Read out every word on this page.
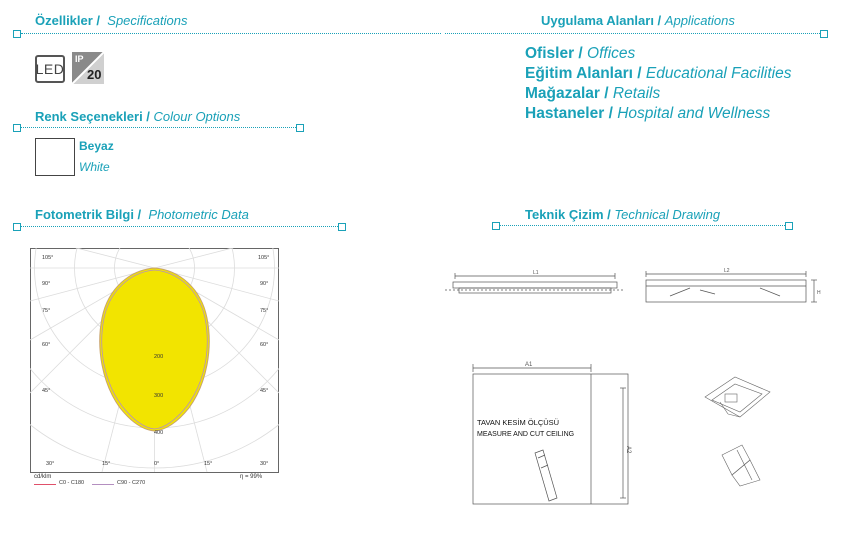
Özellikler / Specifications
LED
IP
20
Renk Seçenekleri / Colour Options
Beyaz
White
Uygulama Alanları / Applications
Ofisler / Offices
Eğitim Alanları / Educational Facilities
Mağazalar / Retails
Hastaneler / Hospital and Wellness
Fotometrik Bilgi / Photometric Data
105°
90°
75°
60°
45°
105°
90°
75°
60°
45°
30°	15°	0°	15°	30°
200
300
400
cd/klm
C0 - C180	C90 - C270
η = 99%
Teknik Çizim / Technical Drawing
L1	L2
H
A1
A2
TAVAN KESİM ÖLÇÜSÜ
MEASURE AND CUT CEILING
